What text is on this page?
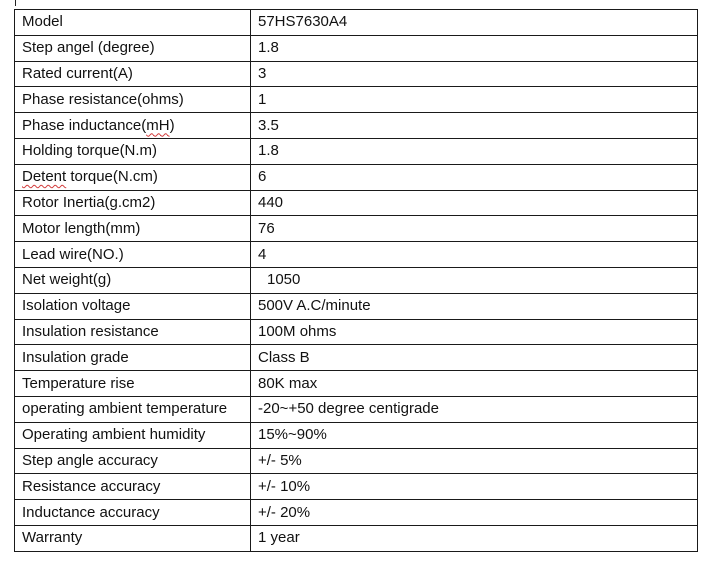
Model	57HS7630A4
Step angel (degree)	1.8
Rated current(A)	3
Phase resistance(ohms)	1
Phase inductance(mH)	3.5
Holding torque(N.m)	1.8
Detent torque(N.cm)	6
Rotor Inertia(g.cm2)	440
Motor length(mm)	76
Lead wire(NO.)	4
Net weight(g)	1050
Isolation voltage	500V A.C/minute
Insulation resistance	100M ohms
Insulation grade	Class B
Temperature rise	80K max
operating ambient temperature	-20~+50 degree centigrade
Operating ambient humidity	15%~90%
Step angle accuracy	+/- 5%
Resistance accuracy	+/- 10%
Inductance accuracy	+/- 20%
Warranty	1 year
